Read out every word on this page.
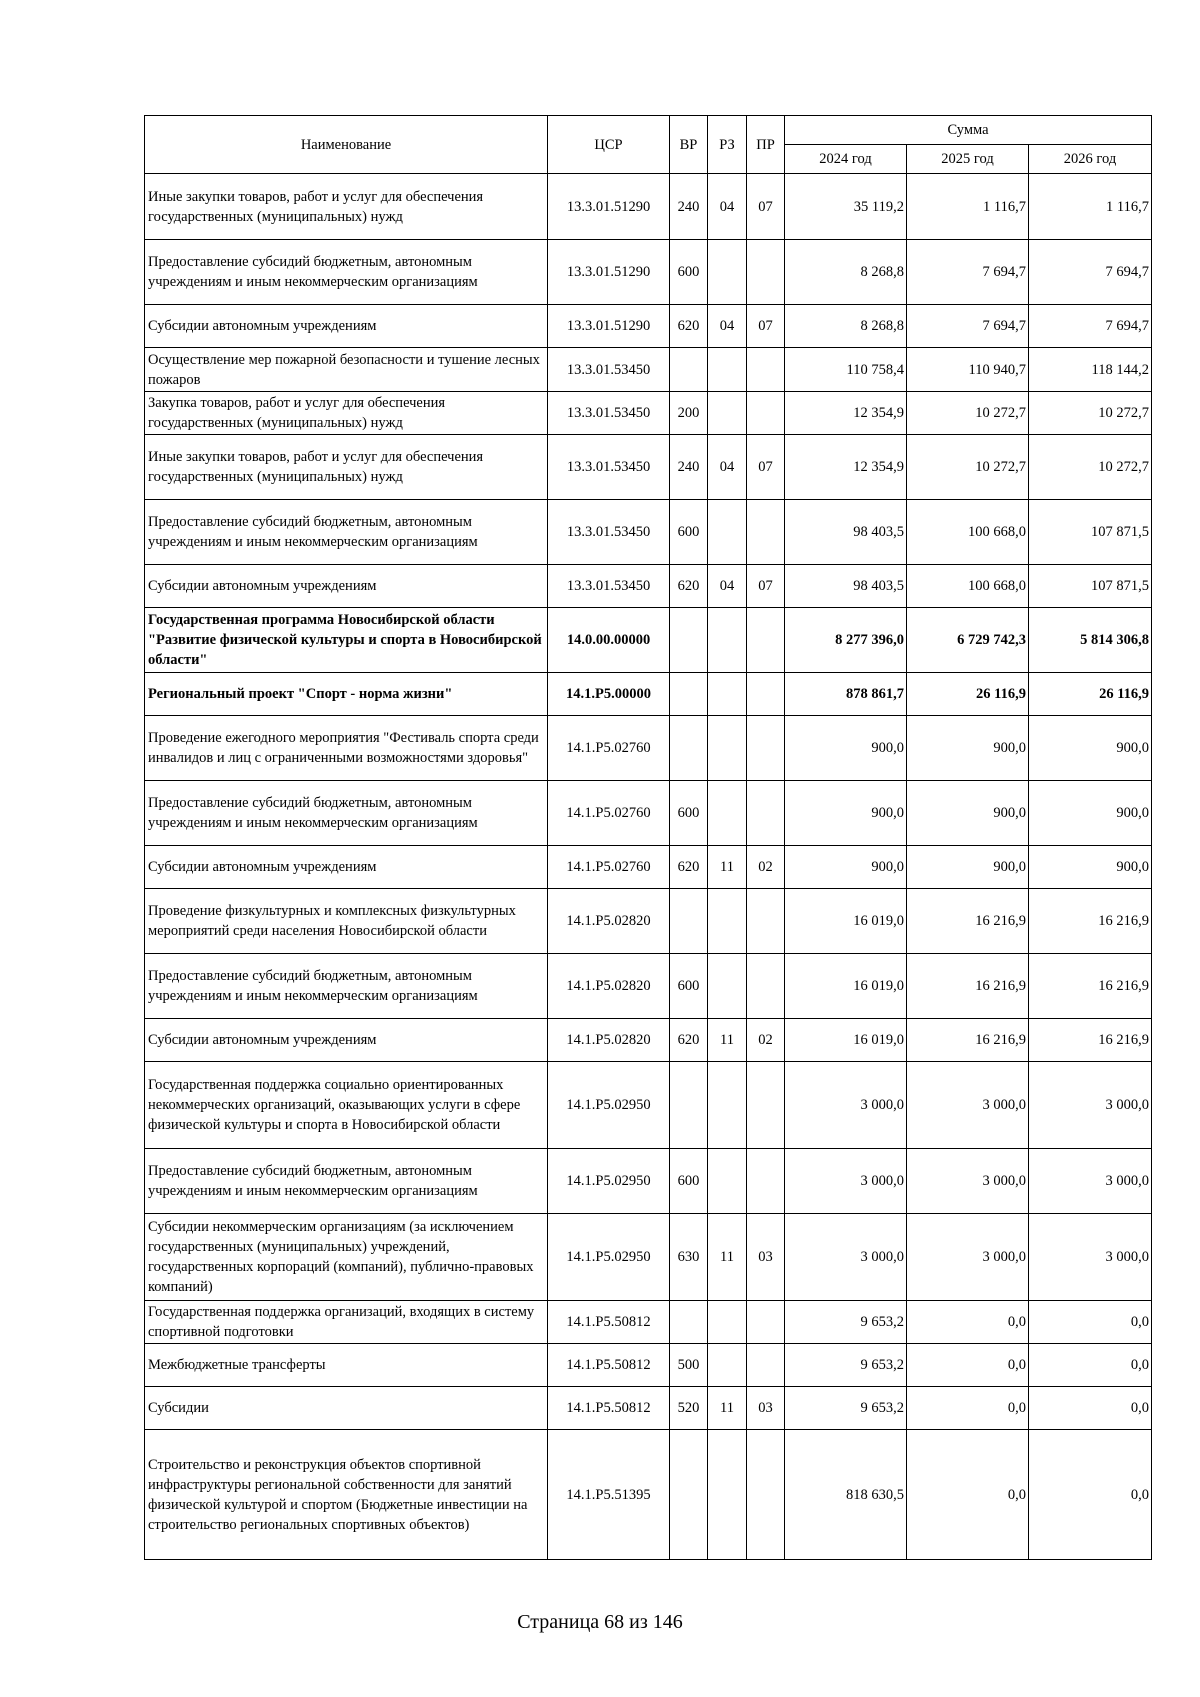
Наименование	ЦСР	ВР	РЗ	ПР	Сумма		
					2024 год	2025 год	2026 год
Иные закупки товаров, работ и услуг для обеспечения государственных (муниципальных) нужд	13.3.01.51290	240	04	07	35 119,2	1 116,7	1 116,7
Предоставление субсидий бюджетным, автономным учреждениям и иным некоммерческим организациям	13.3.01.51290	600			8 268,8	7 694,7	7 694,7
Субсидии автономным учреждениям	13.3.01.51290	620	04	07	8 268,8	7 694,7	7 694,7
Осуществление мер пожарной безопасности и тушение лесных пожаров	13.3.01.53450				110 758,4	110 940,7	118 144,2
Закупка товаров, работ и услуг для обеспечения государственных (муниципальных) нужд	13.3.01.53450	200			12 354,9	10 272,7	10 272,7
Иные закупки товаров, работ и услуг для обеспечения государственных (муниципальных) нужд	13.3.01.53450	240	04	07	12 354,9	10 272,7	10 272,7
Предоставление субсидий бюджетным, автономным учреждениям и иным некоммерческим организациям	13.3.01.53450	600			98 403,5	100 668,0	107 871,5
Субсидии автономным учреждениям	13.3.01.53450	620	04	07	98 403,5	100 668,0	107 871,5
Государственная программа Новосибирской области "Развитие физической культуры и спорта в Новосибирской области"	14.0.00.00000				8 277 396,0	6 729 742,3	5 814 306,8
Региональный проект "Спорт - норма жизни"	14.1.P5.00000				878 861,7	26 116,9	26 116,9
Проведение ежегодного мероприятия "Фестиваль спорта среди инвалидов и лиц с ограниченными возможностями здоровья"	14.1.P5.02760				900,0	900,0	900,0
Предоставление субсидий бюджетным, автономным учреждениям и иным некоммерческим организациям	14.1.P5.02760	600			900,0	900,0	900,0
Субсидии автономным учреждениям	14.1.P5.02760	620	11	02	900,0	900,0	900,0
Проведение физкультурных и комплексных физкультурных мероприятий среди населения Новосибирской области	14.1.P5.02820				16 019,0	16 216,9	16 216,9
Предоставление субсидий бюджетным, автономным учреждениям и иным некоммерческим организациям	14.1.P5.02820	600			16 019,0	16 216,9	16 216,9
Субсидии автономным учреждениям	14.1.P5.02820	620	11	02	16 019,0	16 216,9	16 216,9
Государственная поддержка социально ориентированных некоммерческих организаций, оказывающих услуги в сфере физической культуры и спорта в Новосибирской области	14.1.P5.02950				3 000,0	3 000,0	3 000,0
Предоставление субсидий бюджетным, автономным учреждениям и иным некоммерческим организациям	14.1.P5.02950	600			3 000,0	3 000,0	3 000,0
Субсидии некоммерческим организациям (за исключением государственных (муниципальных) учреждений, государственных корпораций (компаний), публично-правовых компаний)	14.1.P5.02950	630	11	03	3 000,0	3 000,0	3 000,0
Государственная поддержка организаций, входящих в систему спортивной подготовки	14.1.P5.50812				9 653,2	0,0	0,0
Межбюджетные трансферты	14.1.P5.50812	500			9 653,2	0,0	0,0
Субсидии	14.1.P5.50812	520	11	03	9 653,2	0,0	0,0
Строительство и реконструкция объектов спортивной инфраструктуры региональной собственности для занятий физической культурой и спортом (Бюджетные инвестиции на строительство региональных спортивных объектов)	14.1.P5.51395				818 630,5	0,0	0,0
Страница 68 из 146
